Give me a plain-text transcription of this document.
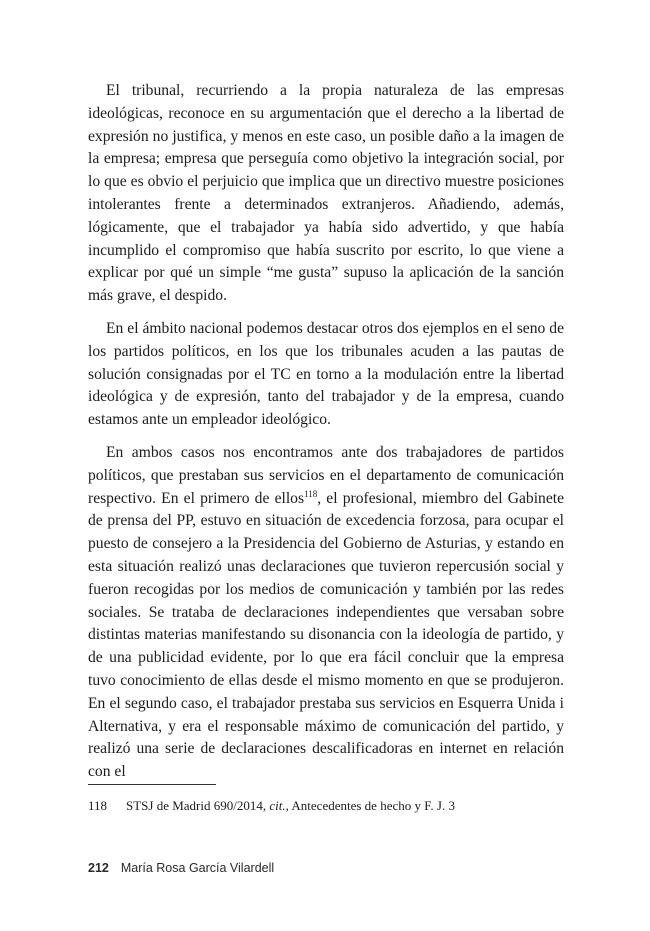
El tribunal, recurriendo a la propia naturaleza de las empresas ideológicas, reconoce en su argumentación que el derecho a la libertad de expresión no justifica, y menos en este caso, un posible daño a la imagen de la empresa; empresa que perseguía como objetivo la integración social, por lo que es obvio el perjuicio que implica que un directivo muestre posiciones intolerantes frente a determinados extranjeros. Añadiendo, además, lógicamente, que el trabajador ya había sido advertido, y que había incumplido el compromiso que había suscrito por escrito, lo que viene a explicar por qué un simple “me gusta” supuso la aplicación de la sanción más grave, el despido.

En el ámbito nacional podemos destacar otros dos ejemplos en el seno de los partidos políticos, en los que los tribunales acuden a las pautas de solución consignadas por el TC en torno a la modulación entre la libertad ideológica y de expresión, tanto del trabajador y de la empresa, cuando estamos ante un empleador ideológico.

En ambos casos nos encontramos ante dos trabajadores de partidos políticos, que prestaban sus servicios en el departamento de comunicación respectivo. En el primero de ellos$^{118}$, el profesional, miembro del Gabinete de prensa del PP, estuvo en situación de excedencia forzosa, para ocupar el puesto de consejero a la Presidencia del Gobierno de Asturias, y estando en esta situación realizó unas declaraciones que tuvieron repercusión social y fueron recogidas por los medios de comunicación y también por las redes sociales. Se trataba de declaraciones independientes que versaban sobre distintas materias manifestando su disonancia con la ideología de partido, y de una publicidad evidente, por lo que era fácil concluir que la empresa tuvo conocimiento de ellas desde el mismo momento en que se produjeron. En el segundo caso, el trabajador prestaba sus servicios en Esquerra Unida i Alternativa, y era el responsable máximo de comunicación del partido, y realizó una serie de declaraciones descalificadoras en internet en relación con el

118 STSJ de Madrid 690/2014, cit., Antecedentes de hecho y F. J. 3
212 María Rosa García Vilardell
